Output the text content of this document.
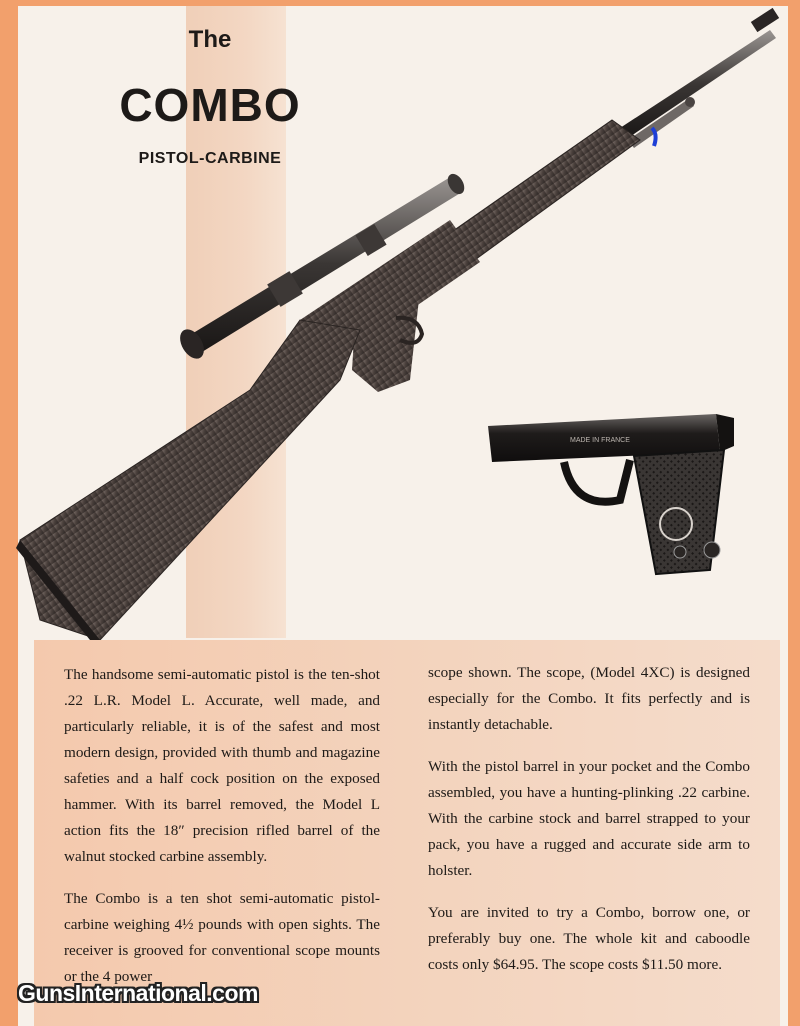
The
COMBO
PISTOL-CARBINE
MADE IN FRANCE

The handsome semi-automatic pistol is the ten-shot .22 L.R. Model L. Accurate, well made, and particularly reliable, it is of the safest and most modern design, provided with thumb and magazine safeties and a half cock position on the exposed hammer. With its barrel removed, the Model L action fits the 18″ precision rifled barrel of the walnut stocked carbine assembly.

The Combo is a ten shot semi-automatic pistol-carbine weighing 4½ pounds with open sights. The receiver is grooved for conventional scope mounts or the 4 power

scope shown. The scope, (Model 4XC) is designed especially for the Combo. It fits perfectly and is instantly detachable.

With the pistol barrel in your pocket and the Combo assembled, you have a hunting-plinking .22 carbine. With the carbine stock and barrel strapped to your pack, you have a rugged and accurate side arm to holster.

You are invited to try a Combo, borrow one, or preferably buy one. The whole kit and caboodle costs only $64.95. The scope costs $11.50 more.

GunsInternational.com
